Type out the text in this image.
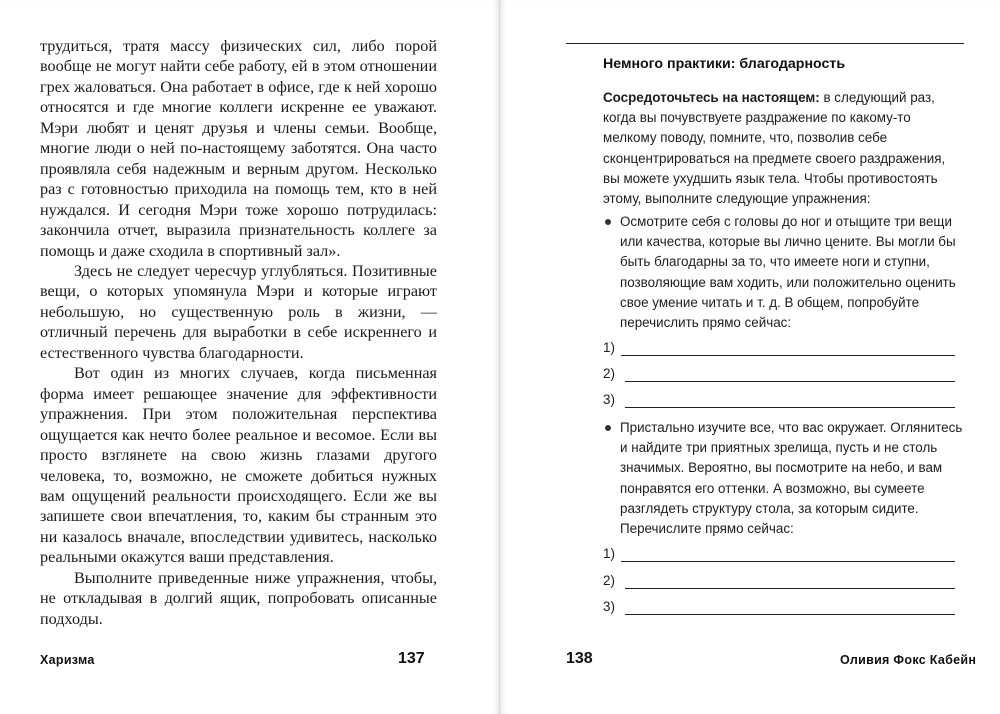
трудиться, тратя массу физических сил, либо порой вообще не могут найти себе работу, ей в этом отношении грех жаловаться. Она работает в офисе, где к ней хорошо относятся и где многие коллеги искренне ее уважают. Мэри любят и ценят друзья и члены семьи. Вообще, многие люди о ней по-настоящему заботятся. Она часто проявляла себя надежным и верным другом. Несколько раз с готовностью приходила на помощь тем, кто в ней нуждался. И сегодня Мэри тоже хорошо потрудилась: закончила отчет, выразила признательность коллеге за помощь и даже сходила в спортивный зал».

Здесь не следует чересчур углубляться. Позитивные вещи, о которых упомянула Мэри и которые играют небольшую, но существенную роль в жизни, — отличный перечень для выработки в себе искреннего и естественного чувства благодарности.

Вот один из многих случаев, когда письменная форма имеет решающее значение для эффективности упражнения. При этом положительная перспектива ощущается как нечто более реальное и весомое. Если вы просто взглянете на свою жизнь глазами другого человека, то, возможно, не сможете добиться нужных вам ощущений реальности происходящего. Если же вы запишете свои впечатления, то, каким бы странным это ни казалось вначале, впоследствии удивитесь, насколько реальными окажутся ваши представления.

Выполните приведенные ниже упражнения, чтобы, не откладывая в долгий ящик, попробовать описанные подходы.

Харизма	137
Немного практики: благодарность
Сосредоточьтесь на настоящем: в следующий раз, когда вы почувствуете раздражение по какому-то мелкому поводу, помните, что, позволив себе сконцентрироваться на предмете своего раздражения, вы можете ухудшить язык тела. Чтобы противостоять этому, выполните следующие упражнения:
Осмотрите себя с головы до ног и отыщите три вещи или качества, которые вы лично цените. Вы могли бы быть благодарны за то, что имеете ноги и ступни, позволяющие вам ходить, или положительно оценить свое умение читать и т. д. В общем, попробуйте перечислить прямо сейчас:
1)
2)
3)
Пристально изучите все, что вас окружает. Оглянитесь и найдите три приятных зрелища, пусть и не столь значимых. Вероятно, вы посмотрите на небо, и вам понравятся его оттенки. А возможно, вы сумеете разглядеть структуру стола, за которым сидите. Перечислите прямо сейчас:
1)
2)
3)
138	Оливия Фокс Кабейн
